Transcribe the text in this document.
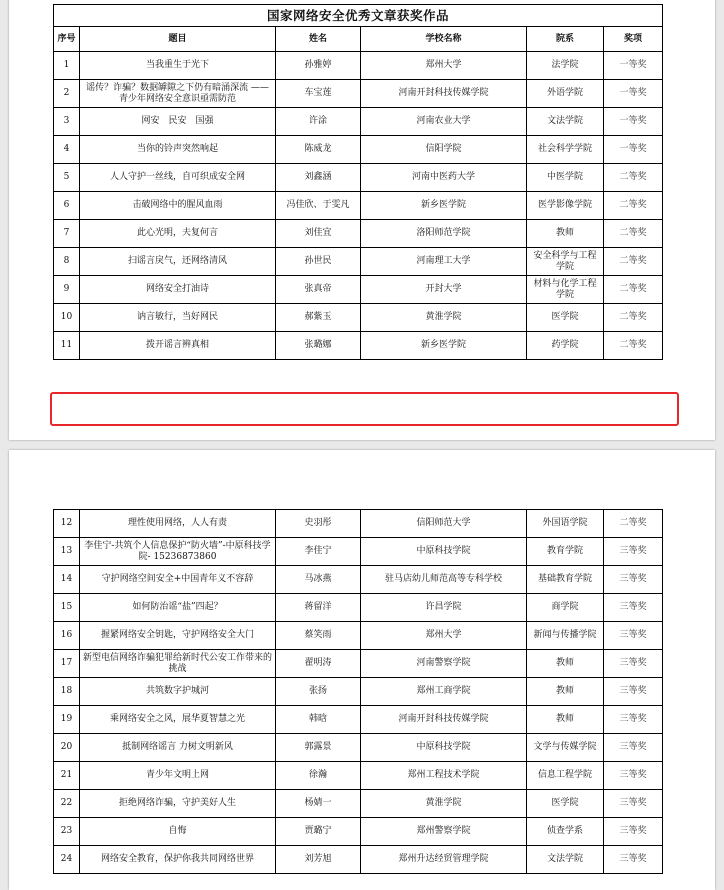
国家网络安全优秀文章获奖作品					
序号	题目	姓名	学校名称	院系	奖项
1	当我重生于光下	孙雅婷	郑州大学	法学院	一等奖
2	谣传？诈骗？数据罅隙之下仍有暗涌深流 ——青少年网络安全意识亟需防范	车宝莲	河南开封科技传媒学院	外语学院	一等奖
3	网安　民安　国强	许涂	河南农业大学	文法学院	一等奖
4	当你的铃声突然响起	陈威龙	信阳学院	社会科学学院	一等奖
5	人人守护一丝线，自可织成安全网	刘鑫涵	河南中医药大学	中医学院	二等奖
6	击破网络中的腥风血雨	冯佳欣、于雯凡	新乡医学院	医学影像学院	二等奖
7	此心光明，夫复何言	刘佳宜	洛阳师范学院	教师	二等奖
8	扫谣言戾气，还网络清风	孙世民	河南理工大学	安全科学与工程学院	二等奖
9	网络安全打油诗	张真帝	开封大学	材料与化学工程学院	二等奖
10	讷言敏行，当好网民	郝紫玉	黄淮学院	医学院	二等奖
11	拨开谣言辨真相	张璐娜	新乡医学院	药学院	二等奖
12	理性使用网络，人人有责	史羽彤	信阳师范大学	外国语学院	二等奖
13	李佳宁-共筑个人信息保护“防火墙”-中原科技学院- 15236873860	李佳宁	中原科技学院	教育学院	三等奖
14	守护网络空间安全+中国青年义不容辞	马冰燕	驻马店幼儿师范高等专科学校	基础教育学院	三等奖
15	如何防治谣“盐”四起？	蒋留洋	许昌学院	商学院	三等奖
16	握紧网络安全钥匙，守护网络安全大门	蔡笑雨	郑州大学	新闻与传播学院	三等奖
17	新型电信网络诈骗犯罪给新时代公安工作带来的挑战	翟明涛	河南警察学院	教师	三等奖
18	共筑数字护城河	张扬	郑州工商学院	教师	三等奖
19	乘网络安全之风，展华夏智慧之光	韩晗	河南开封科技传媒学院	教师	三等奖
20	抵制网络谣言 力树文明新风	郭露景	中原科技学院	文学与传媒学院	三等奖
21	青少年文明上网	徐瀚	郑州工程技术学院	信息工程学院	三等奖
22	拒绝网络诈骗，守护美好人生	杨婧一	黄淮学院	医学院	三等奖
23	自悔	贾璐宁	郑州警察学院	侦查学系	三等奖
24	网络安全教育，保护你我共同网络世界	刘芳旭	郑州升达经贸管理学院	文法学院	三等奖
